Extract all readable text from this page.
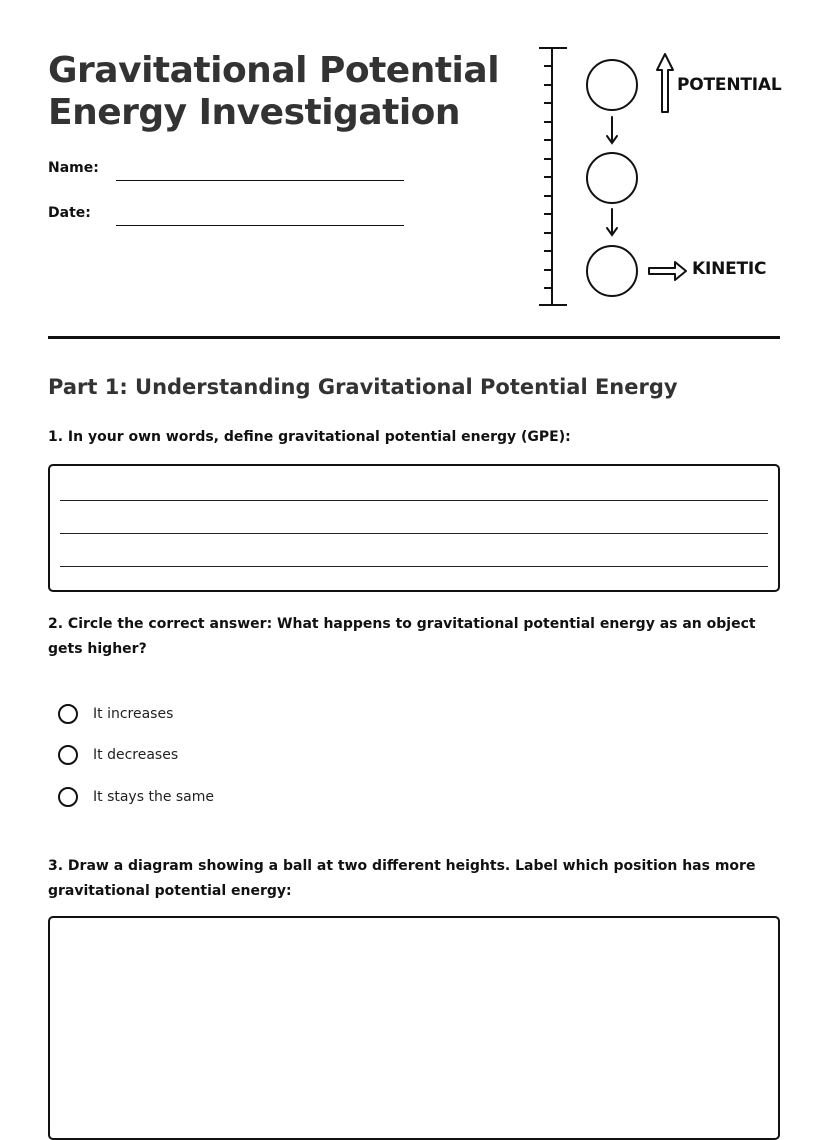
Gravitational Potential
Energy Investigation
Name:
Date:
POTENTIAL
KINETIC
Part 1: Understanding Gravitational Potential Energy

1. In your own words, define gravitational potential energy (GPE):

2. Circle the correct answer: What happens to gravitational potential energy as an object gets higher?

It increases
It decreases
It stays the same

3. Draw a diagram showing a ball at two different heights. Label which position has more gravitational potential energy:
